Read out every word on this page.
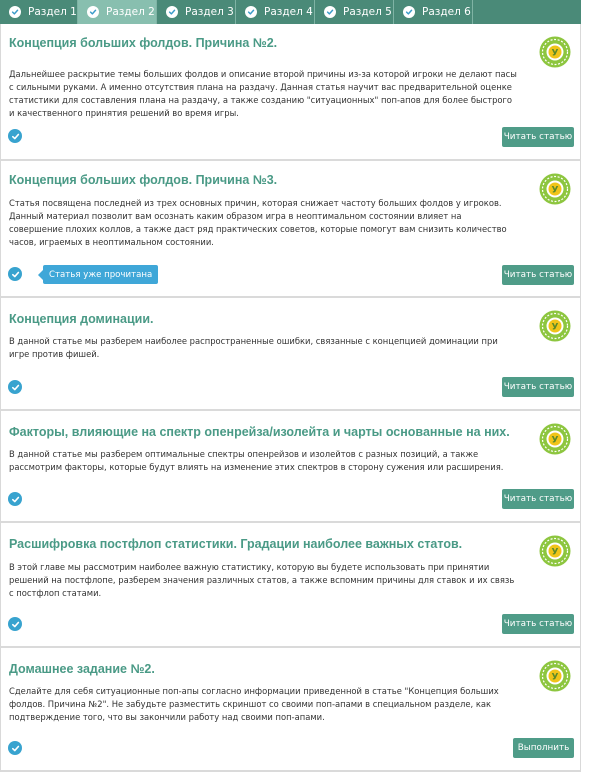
Раздел 1	Раздел 2	Раздел 3	Раздел 4	Раздел 5	Раздел 6
Концепция больших фолдов. Причина №2.
У
Дальнейшее раскрытие темы больших фолдов и описание второй причины из-за которой игроки не делают пасы с сильными руками. А именно отсутствия плана на раздачу. Данная статья научит вас предварительной оценке статистики для составления плана на раздачу, а также созданию "ситуационных" поп-апов для более быстрого и качественного принятия решений во время игры.
Читать статью
Концепция больших фолдов. Причина №3.
У
Статья посвящена последней из трех основных причин, которая снижает частоту больших фолдов у игроков. Данный материал позволит вам осознать каким образом игра в неоптимальном состоянии влияет на совершение плохих коллов, а также даст ряд практических советов, которые помогут вам снизить количество часов, играемых в неоптимальном состоянии.
Статья уже прочитана	Читать статью
Концепция доминации.
У
В данной статье мы разберем наиболее распространенные ошибки, связанные с концепцией доминации при игре против фишей.
Читать статью
Факторы, влияющие на спектр опенрейза/изолейта и чарты основанные на них.
У
В данной статье мы разберем оптимальные спектры опенрейзов и изолейтов с разных позиций, а также рассмотрим факторы, которые будут влиять на изменение этих спектров в сторону сужения или расширения.
Читать статью
Расшифровка постфлоп статистики. Градации наиболее важных статов.
У
В этой главе мы рассмотрим наиболее важную статистику, которую вы будете использовать при принятии решений на постфлопе, разберем значения различных статов, а также вспомним причины для ставок и их связь с постфлоп статами.
Читать статью
Домашнее задание №2.
У
Сделайте для себя ситуационные поп-апы согласно информации приведенной в статье "Концепция больших фолдов. Причина №2". Не забудьте разместить скриншот со своими поп-апами в специальном разделе, как подтверждение того, что вы закончили работу над своими поп-апами.
Выполнить
